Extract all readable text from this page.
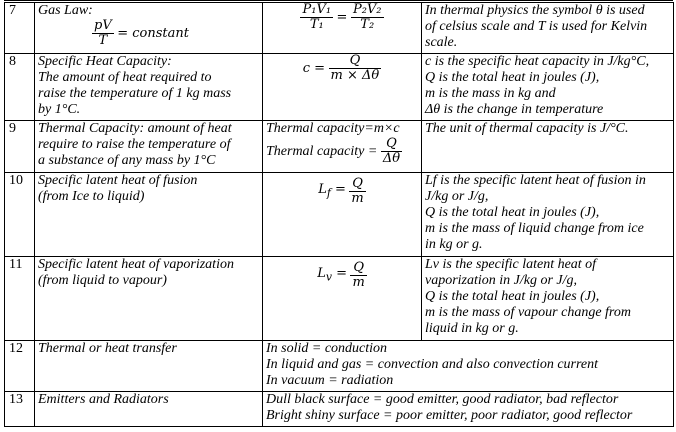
7	Gas Law:
$\frac{pV}{T}$ = constant	$\frac{\text{P₁V₁}}{\text{T₁}} = \frac{\text{P₂V₂}}{\text{T₂}}$	In thermal physics the symbol θ is used
of celsius scale and T is used for Kelvin
scale.

8	Specific Heat Capacity:
The amount of heat required to
raise the temperature of 1 kg mass
by 1°C.	$c = \frac{Q}{m \times \Delta\theta}$	c is the specific heat capacity in J/kg°C,
Q is the total heat in joules (J),
m is the mass in kg and
Δθ is the change in temperature

9	Thermal Capacity: amount of heat
require to raise the temperature of
a substance of any mass by 1°C	Thermal capacity=m×c
Thermal capacity = $\frac{Q}{\Delta\theta}$	The unit of thermal capacity is J/°C.

10	Specific latent heat of fusion
(from Ice to liquid)	$L_f = \frac{Q}{m}$	Lf is the specific latent heat of fusion in
J/kg or J/g,
Q is the total heat in joules (J),
m is the mass of liquid change from ice
in kg or g.

11	Specific latent heat of vaporization
(from liquid to vapour)	$L_v = \frac{Q}{m}$	Lv is the specific latent heat of
vaporization in J/kg or J/g,
Q is the total heat in joules (J),
m is the mass of vapour change from
liquid in kg or g.

12	Thermal or heat transfer	In solid = conduction
In liquid and gas = convection and also convection current
In vacuum = radiation	

13	Emitters and Radiators	Dull black surface = good emitter, good radiator, bad reflector
Bright shiny surface = poor emitter, poor radiator, good reflector	
